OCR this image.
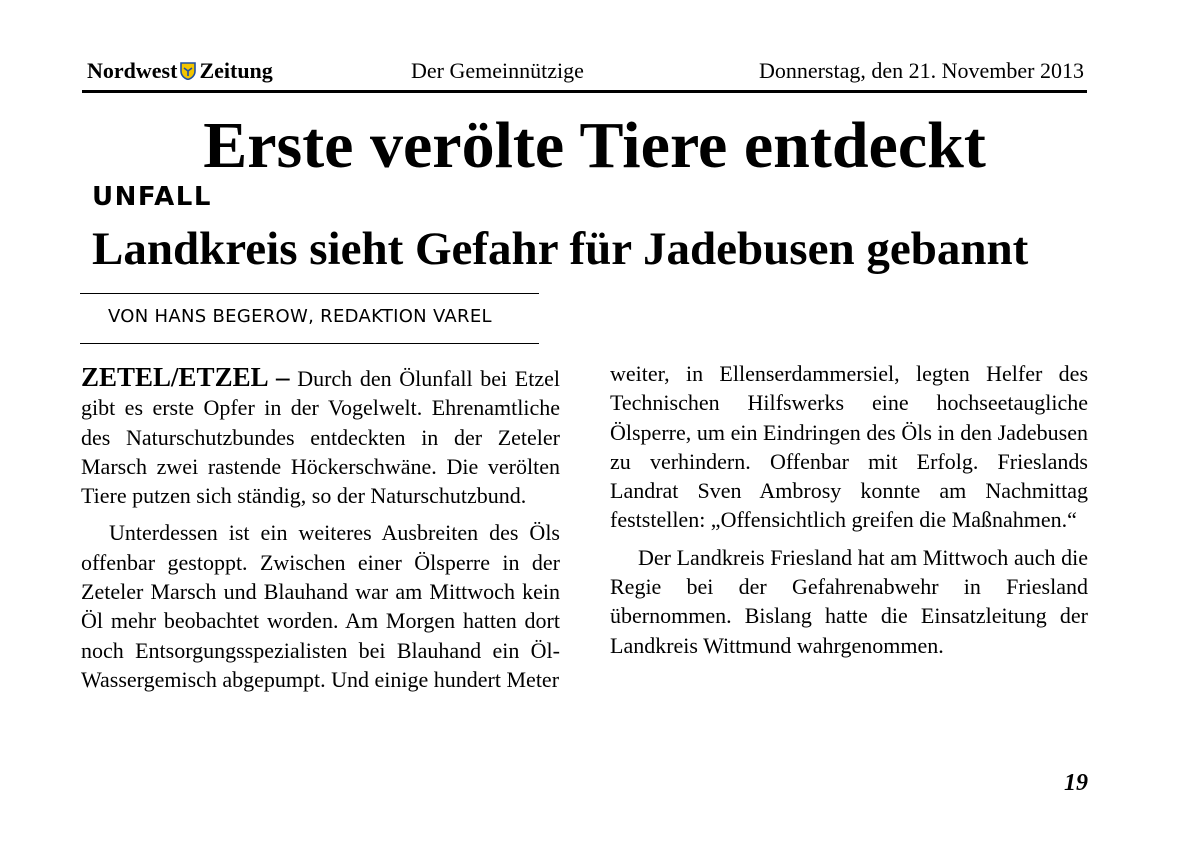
Nordwest Zeitung	Der Gemeinnützige	Donnerstag, den 21. November 2013
Erste verölte Tiere entdeckt
UNFALL
Landkreis sieht Gefahr für Jadebusen gebannt
VON HANS BEGEROW, REDAKTION VAREL

ZETEL/ETZEL – Durch den Ölunfall bei Etzel gibt es erste Opfer in der Vogelwelt. Ehrenamtliche des Naturschutzbundes entdeckten in der Zeteler Marsch zwei rastende Höckerschwäne. Die verölten Tiere putzen sich ständig, so der Naturschutzbund.

Unterdessen ist ein weiteres Ausbreiten des Öls offenbar gestoppt. Zwischen einer Ölsperre in der Zeteler Marsch und Blauhand war am Mittwoch kein Öl mehr beobachtet worden. Am Morgen hatten dort noch Entsorgungsspezialisten bei Blauhand ein Öl-Wassergemisch abgepumpt. Und einige hundert Meter

weiter, in Ellenserdammersiel, legten Helfer des Technischen Hilfswerks eine hochseetaugliche Ölsperre, um ein Eindringen des Öls in den Jadebusen zu verhindern. Offenbar mit Erfolg. Frieslands Landrat Sven Ambrosy konnte am Nachmittag feststellen: „Offensichtlich greifen die Maßnahmen.“

Der Landkreis Friesland hat am Mittwoch auch die Regie bei der Gefahrenabwehr in Friesland übernommen. Bislang hatte die Einsatzleitung der Landkreis Wittmund wahrgenommen.

19
